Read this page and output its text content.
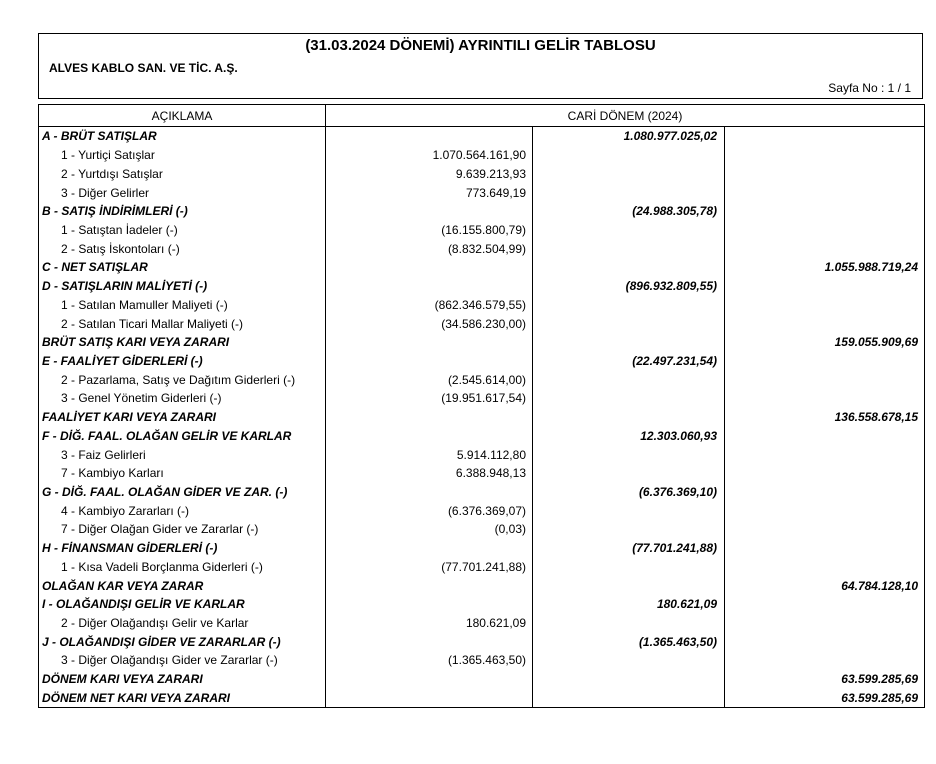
(31.03.2024 DÖNEMİ) AYRINTILI GELİR TABLOSU
ALVES KABLO SAN. VE TİC. A.Ş.
Sayfa No : 1 / 1
AÇIKLAMA	CARİ DÖNEM (2024)		
A - BRÜT SATIŞLAR		1.080.977.025,02	
1 - Yurtiçi Satışlar	1.070.564.161,90		
2 - Yurtdışı Satışlar	9.639.213,93		
3 - Diğer Gelirler	773.649,19		
B - SATIŞ İNDİRİMLERİ (-)		(24.988.305,78)	
1 - Satıştan İadeler (-)	(16.155.800,79)		
2 - Satış İskontoları (-)	(8.832.504,99)		
C - NET SATIŞLAR			1.055.988.719,24
D - SATIŞLARIN MALİYETİ (-)		(896.932.809,55)	
1 - Satılan Mamuller Maliyeti (-)	(862.346.579,55)		
2 - Satılan Ticari Mallar Maliyeti (-)	(34.586.230,00)		
BRÜT SATIŞ KARI VEYA ZARARI			159.055.909,69
E - FAALİYET GİDERLERİ (-)		(22.497.231,54)	
2 - Pazarlama, Satış ve Dağıtım Giderleri (-)	(2.545.614,00)		
3 - Genel Yönetim Giderleri (-)	(19.951.617,54)		
FAALİYET KARI VEYA ZARARI			136.558.678,15
F - DİĞ. FAAL. OLAĞAN GELİR VE KARLAR		12.303.060,93	
3 - Faiz Gelirleri	5.914.112,80		
7 - Kambiyo Karları	6.388.948,13		
G - DİĞ. FAAL. OLAĞAN GİDER VE ZAR. (-)		(6.376.369,10)	
4 - Kambiyo Zararları (-)	(6.376.369,07)		
7 - Diğer Olağan Gider ve Zararlar (-)	(0,03)		
H - FİNANSMAN GİDERLERİ (-)		(77.701.241,88)	
1 - Kısa Vadeli Borçlanma Giderleri (-)	(77.701.241,88)		
OLAĞAN KAR VEYA ZARAR			64.784.128,10
I - OLAĞANDIŞI GELİR VE KARLAR		180.621,09	
2 - Diğer Olağandışı Gelir ve Karlar	180.621,09		
J - OLAĞANDIŞI GİDER VE ZARARLAR (-)		(1.365.463,50)	
3 - Diğer Olağandışı Gider ve Zararlar (-)	(1.365.463,50)		
DÖNEM KARI VEYA ZARARI			63.599.285,69
DÖNEM NET KARI VEYA ZARARI			63.599.285,69
